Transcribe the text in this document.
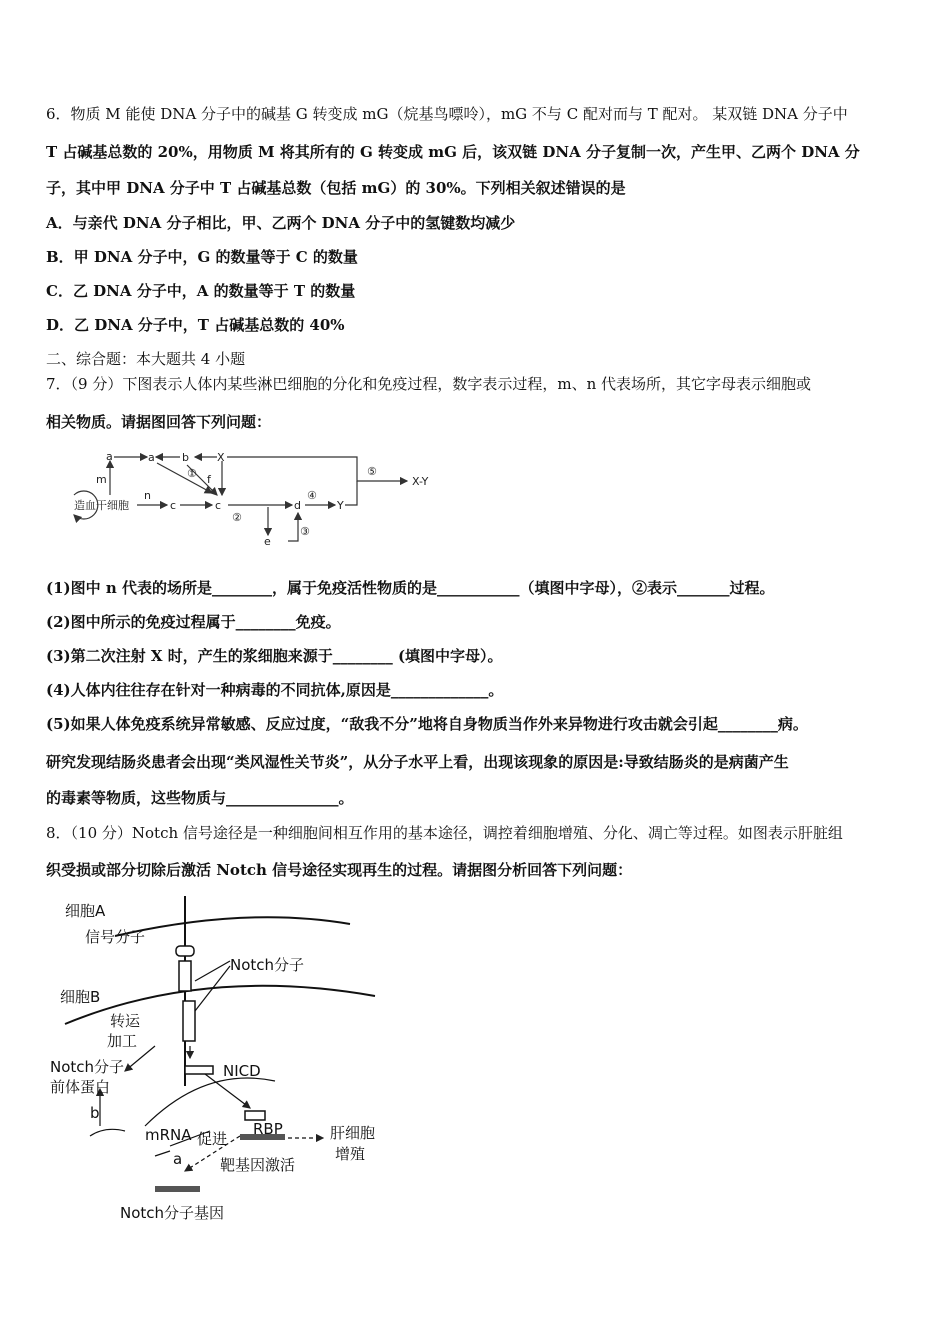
6．物质 M 能使 DNA 分子中的碱基 G 转变成 mG（烷基鸟嘌呤），mG 不与 C 配对而与 T 配对。 某双链 DNA 分子中
T 占碱基总数的 20%，用物质 M 将其所有的 G 转变成 mG 后，该双链 DNA 分子复制一次，产生甲、乙两个 DNA 分
子，其中甲 DNA 分子中 T 占碱基总数（包括 mG）的 30%。下列相关叙述错误的是
A．与亲代 DNA 分子相比，甲、乙两个 DNA 分子中的氢键数均减少
B．甲 DNA 分子中，G 的数量等于 C 的数量
C．乙 DNA 分子中，A 的数量等于 T 的数量
D．乙 DNA 分子中，T 占碱基总数的 40%
二、综合题：本大题共 4 小题
7．（9 分）下图表示人体内某些淋巴细胞的分化和免疫过程，数字表示过程，m、n 代表场所，其它字母表示细胞或
相关物质。请据图回答下列问题：
造血干细胞
a	a b	X
m
n
c	c
f
d	Y
e
X-Y
①
②
③
④
⑤
(1)图中 n 代表的场所是________，属于免疫活性物质的是___________（填图中字母），②表示_______过程。
(2)图中所示的免疫过程属于________免疫。
(3)第二次注射 X 时，产生的浆细胞来源于________ (填图中字母）。
(4)人体内往往存在针对一种病毒的不同抗体,原因是_____________。
(5)如果人体免疫系统异常敏感、反应过度，“敌我不分”地将自身物质当作外来异物进行攻击就会引起________病。
研究发现结肠炎患者会出现“类风湿性关节炎”，从分子水平上看，出现该现象的原因是:导致结肠炎的是病菌产生
的毒素等物质，这些物质与_______________。
8．（10 分）Notch 信号途径是一种细胞间相互作用的基本途径，调控着细胞增殖、分化、凋亡等过程。如图表示肝脏组
织受损或部分切除后激活 Notch 信号途径实现再生的过程。请据图分析回答下列问题：
细胞A
信号分子
Notch分子
细胞B
转运
加工
NICD
Notch分子
前体蛋白
b
mRNA 促进
RBP	肝细胞
增殖
a	靶基因激活
Notch分子基因
